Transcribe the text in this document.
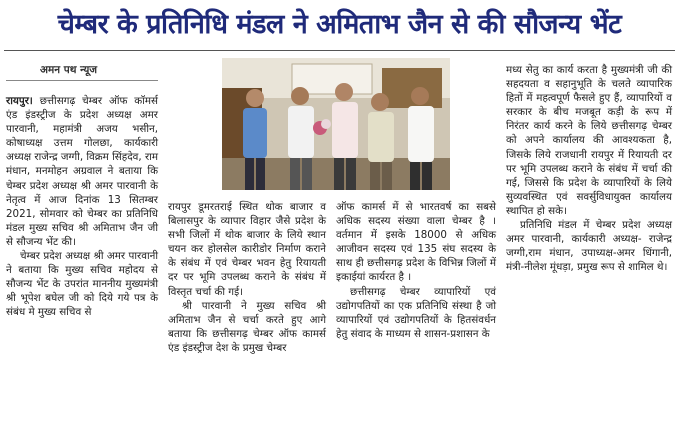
चेम्बर के प्रतिनिधि मंडल ने अमिताभ जैन से की सौजन्य भेंट
अमन पथ न्यूज

रायपुर। छत्तीसगढ़ चेम्बर ऑफ कॉमर्स एंड इंडस्ट्रीज के प्रदेश अध्यक्ष अमर पारवानी, महामंत्री अजय भसीन, कोषाध्यक्ष उत्तम गोलछा, कार्यकारी अध्यक्ष राजेन्द्र जग्गी, विक्रम सिंहदेव, राम मंधान, मनमोहन अग्रवाल ने बताया कि चेम्बर प्रदेश अध्यक्ष श्री अमर पारवानी के नेतृत्व में आज दिनांक 13 सितम्बर 2021, सोमवार को चेम्बर का प्रतिनिधि मंडल मुख्य सचिव श्री अमिताभ जैन जी से सौजन्य भेंट की।

चेम्बर प्रदेश अध्यक्ष श्री अमर पारवानी ने बताया कि मुख्य सचिव महोदय से सौजन्य भेंट के उपरांत माननीय मुख्यमंत्री श्री भूपेश बघेल जी को दिये गये पत्र के संबंध मे मुख्य सचिव से

रायपुर डूमरतराई स्थित थोक बाजार व बिलासपुर के व्यापार विहार जैसे प्रदेश के सभी जिलों में थोक बाजार के लिये स्थान चयन कर होलसेल कारीडोर निर्माण कराने के संबंध में एवं चेम्बर भवन हेतु रियायती दर पर भूमि उपलब्ध कराने के संबंध में विस्तृत चर्चा की गई।

श्री पारवानी ने मुख्य सचिव श्री अमिताभ जैन से चर्चा करते हुए आगे बताया कि छत्तीसगढ़ चेम्बर ऑफ कामर्स एंड इंडस्ट्रीज देश के प्रमुख चेम्बर

ऑफ कामर्स में से भारतवर्ष का सबसे अधिक सदस्य संख्या वाला चेम्बर है । वर्तमान में इसके 18000 से अधिक आजीवन सदस्य एवं 135 संघ सदस्य के साथ ही छत्तीसगढ़ प्रदेश के विभिन्न जिलों में इकाईयां कार्यरत है ।

छत्तीसगढ़ चेम्बर व्यापारियों एवं उद्योगपतियों का एक प्रतिनिधि संस्था है जो व्यापारियों एवं उद्योगपतियों के हितसंवर्धन हेतु संवाद के माध्यम से शासन-प्रशासन के

मध्य सेतु का कार्य करता है मुख्यमंत्री जी की सहदयता व सहानुभूति के चलते व्यापारिक हितों में महत्वपूर्ण फैसले हुए हैं, व्यापारियों व सरकार के बीच मजबूत कड़ी के रूप में निरंतर कार्य करने के लिये छत्तीसगढ़ चेम्बर को अपने कार्यालय की आवश्यकता है, जिसके लिये राजधानी रायपुर में रियायती दर पर भूमि उपलब्ध कराने के संबंध में चर्चा की गई, जिससे कि प्रदेश के व्यापारियों के लिये सुव्यवस्थित एवं सवर्सुविधायुक्त कार्यालय स्थापित हो सके।

प्रतिनिधि मंडल में चेम्बर प्रदेश अध्यक्ष अमर पारवानी, कार्यकारी अध्यक्ष- राजेन्द्र जग्गी,राम मंधान, उपाध्यक्ष-अमर धिंगानी, मंत्री-नीलेश मूंधड़ा, प्रमुख रूप से शामिल थे।
